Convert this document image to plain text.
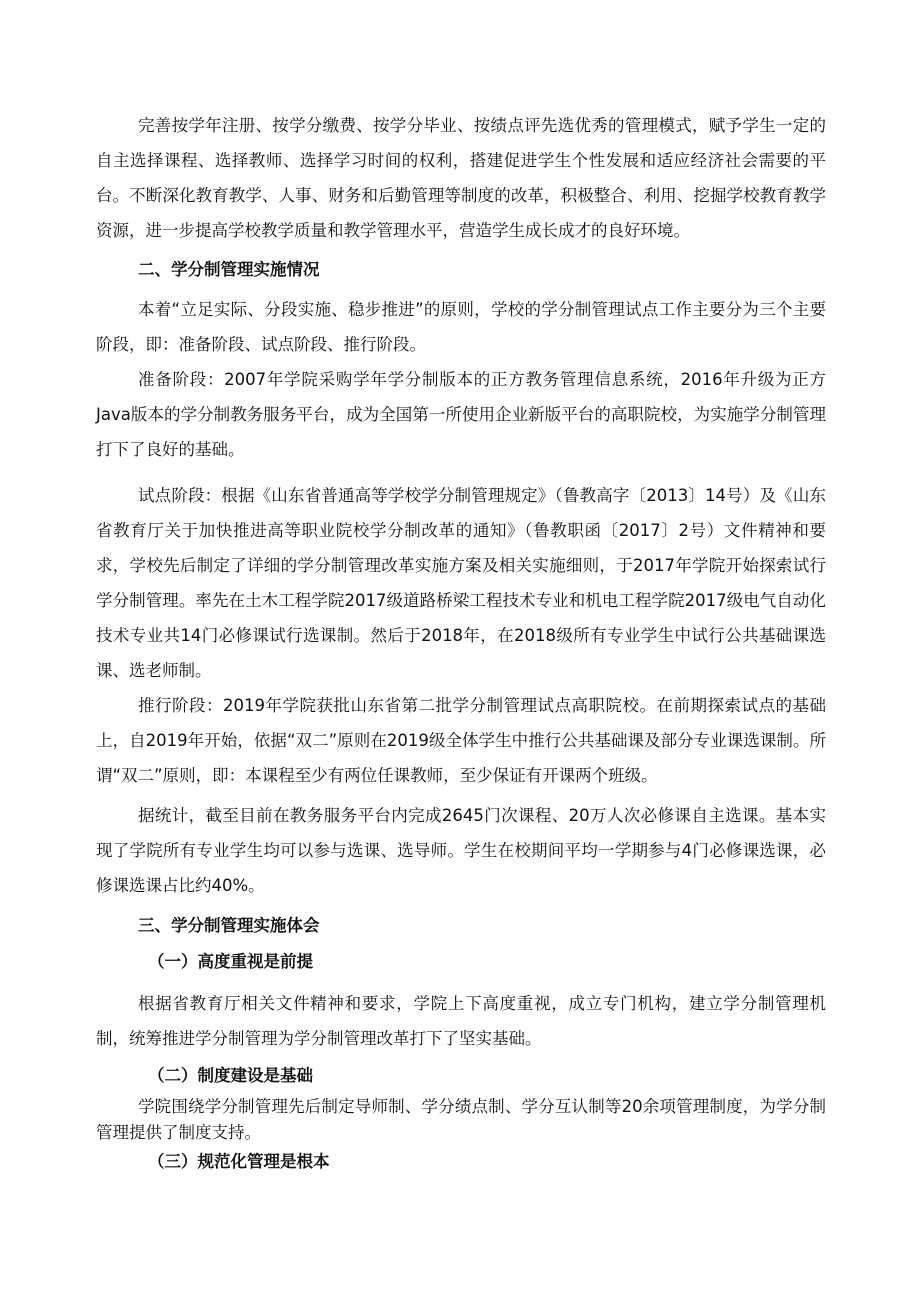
完善按学年注册、按学分缴费、按学分毕业、按绩点评先选优秀的管理模式，赋予学生一定的自主选择课程、选择教师、选择学习时间的权利，搭建促进学生个性发展和适应经济社会需要的平台。不断深化教育教学、人事、财务和后勤管理等制度的改革，积极整合、利用、挖掘学校教育教学资源，进一步提高学校教学质量和教学管理水平，营造学生成长成才的良好环境。

二、学分制管理实施情况

本着“立足实际、分段实施、稳步推进”的原则，学校的学分制管理试点工作主要分为三个主要阶段，即：准备阶段、试点阶段、推行阶段。

准备阶段：2007年学院采购学年学分制版本的正方教务管理信息系统，2016年升级为正方Java版本的学分制教务服务平台，成为全国第一所使用企业新版平台的高职院校，为实施学分制管理打下了良好的基础。

试点阶段：根据《山东省普通高等学校学分制管理规定》（鲁教高字〔2013〕14号）及《山东省教育厅关于加快推进高等职业院校学分制改革的通知》（鲁教职函〔2017〕2号）文件精神和要求，学校先后制定了详细的学分制管理改革实施方案及相关实施细则，于2017年学院开始探索试行学分制管理。率先在土木工程学院2017级道路桥梁工程技术专业和机电工程学院2017级电气自动化技术专业共14门必修课试行选课制。然后于2018年，在2018级所有专业学生中试行公共基础课选课、选老师制。

推行阶段：2019年学院获批山东省第二批学分制管理试点高职院校。在前期探索试点的基础上，自2019年开始，依据“双二”原则在2019级全体学生中推行公共基础课及部分专业课选课制。所谓“双二”原则，即：本课程至少有两位任课教师，至少保证有开课两个班级。

据统计，截至目前在教务服务平台内完成2645门次课程、20万人次必修课自主选课。基本实现了学院所有专业学生均可以参与选课、选导师。学生在校期间平均一学期参与4门必修课选课，必修课选课占比约40%。

三、学分制管理实施体会
（一）高度重视是前提

根据省教育厅相关文件精神和要求，学院上下高度重视，成立专门机构，建立学分制管理机制，统筹推进学分制管理为学分制管理改革打下了坚实基础。

（二）制度建设是基础

学院围绕学分制管理先后制定导师制、学分绩点制、学分互认制等20余项管理制度，为学分制管理提供了制度支持。

（三）规范化管理是根本
